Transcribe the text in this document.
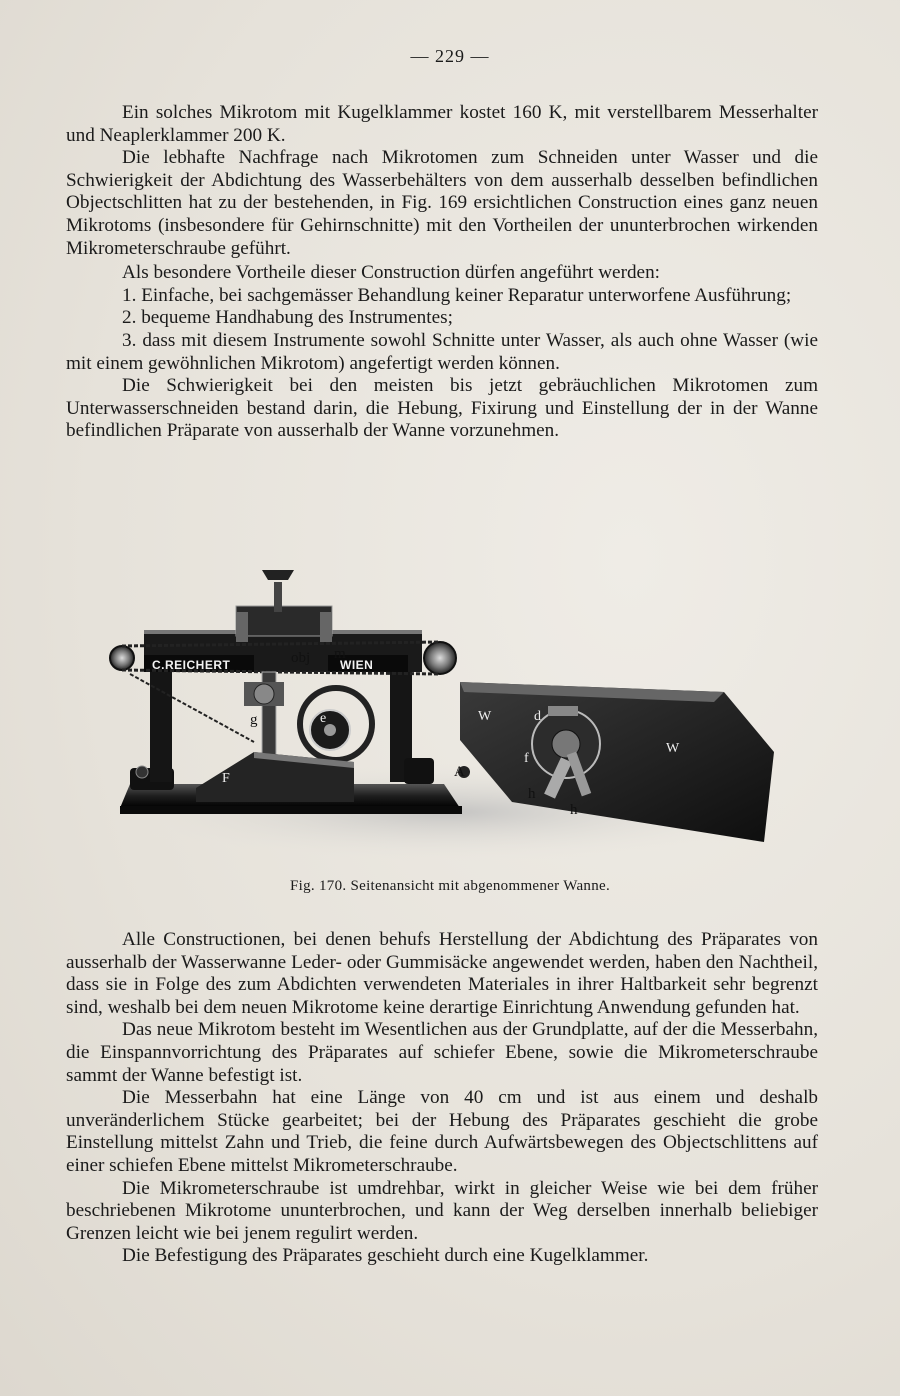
— 229 —

Ein solches Mikrotom mit Kugelklammer kostet 160 K, mit verstellbarem Messerhalter und Neaplerklammer 200 K.

Die lebhafte Nachfrage nach Mikrotomen zum Schneiden unter Wasser und die Schwierigkeit der Abdichtung des Wasserbehälters von dem ausserhalb desselben befindlichen Objectschlitten hat zu der bestehenden, in Fig. 169 ersichtlichen Construction eines ganz neuen Mikrotoms (insbesondere für Gehirnschnitte) mit den Vortheilen der ununterbrochen wirkenden Mikrometerschraube geführt.

Als besondere Vortheile dieser Construction dürfen angeführt werden:

1. Einfache, bei sachgemässer Behandlung keiner Reparatur unterworfene Ausführung;

2. bequeme Handhabung des Instrumentes;

3. dass mit diesem Instrumente sowohl Schnitte unter Wasser, als auch ohne Wasser (wie mit einem gewöhnlichen Mikrotom) angefertigt werden können.

Die Schwierigkeit bei den meisten bis jetzt gebräuchlichen Mikrotomen zum Unterwasserschneiden bestand darin, die Hebung, Fixirung und Einstellung der in der Wanne befindlichen Präparate von ausserhalb der Wanne vorzunehmen.

C.REICHERT	WIEN
obj m
g	e
F	A
W
W
d
f
h
h
Fig. 170. Seitenansicht mit abgenommener Wanne.

Alle Constructionen, bei denen behufs Herstellung der Abdichtung des Präparates von ausserhalb der Wasserwanne Leder- oder Gummisäcke angewendet werden, haben den Nachtheil, dass sie in Folge des zum Abdichten verwendeten Materiales in ihrer Haltbarkeit sehr begrenzt sind, weshalb bei dem neuen Mikrotome keine derartige Einrichtung Anwendung gefunden hat.

Das neue Mikrotom besteht im Wesentlichen aus der Grundplatte, auf der die Messerbahn, die Einspannvorrichtung des Präparates auf schiefer Ebene, sowie die Mikrometerschraube sammt der Wanne befestigt ist.

Die Messerbahn hat eine Länge von 40 cm und ist aus einem und deshalb unveränderlichem Stücke gearbeitet; bei der Hebung des Präparates geschieht die grobe Einstellung mittelst Zahn und Trieb, die feine durch Aufwärtsbewegen des Objectschlittens auf einer schiefen Ebene mittelst Mikrometerschraube.

Die Mikrometerschraube ist umdrehbar, wirkt in gleicher Weise wie bei dem früher beschriebenen Mikrotome ununterbrochen, und kann der Weg derselben innerhalb beliebiger Grenzen leicht wie bei jenem regulirt werden.

Die Befestigung des Präparates geschieht durch eine Kugelklammer.
